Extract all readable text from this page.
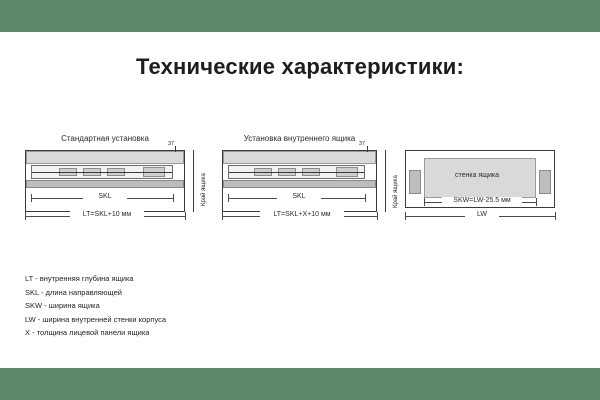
Технические характеристики:
Стандартная установка
37
SKL
LT=SKL+10 мм
Край ящика
Установка внутреннего ящика
37
SKL
LT=SKL+X+10 мм
Край ящика	стенка ящика
SKW=LW-25.5 мм
LW
LT - внутренняя глубина ящика
SKL - длина направляющей
SKW - ширина ящика
LW - ширина внутренней стенки корпуса
X - толщина лицевой панели ящика
